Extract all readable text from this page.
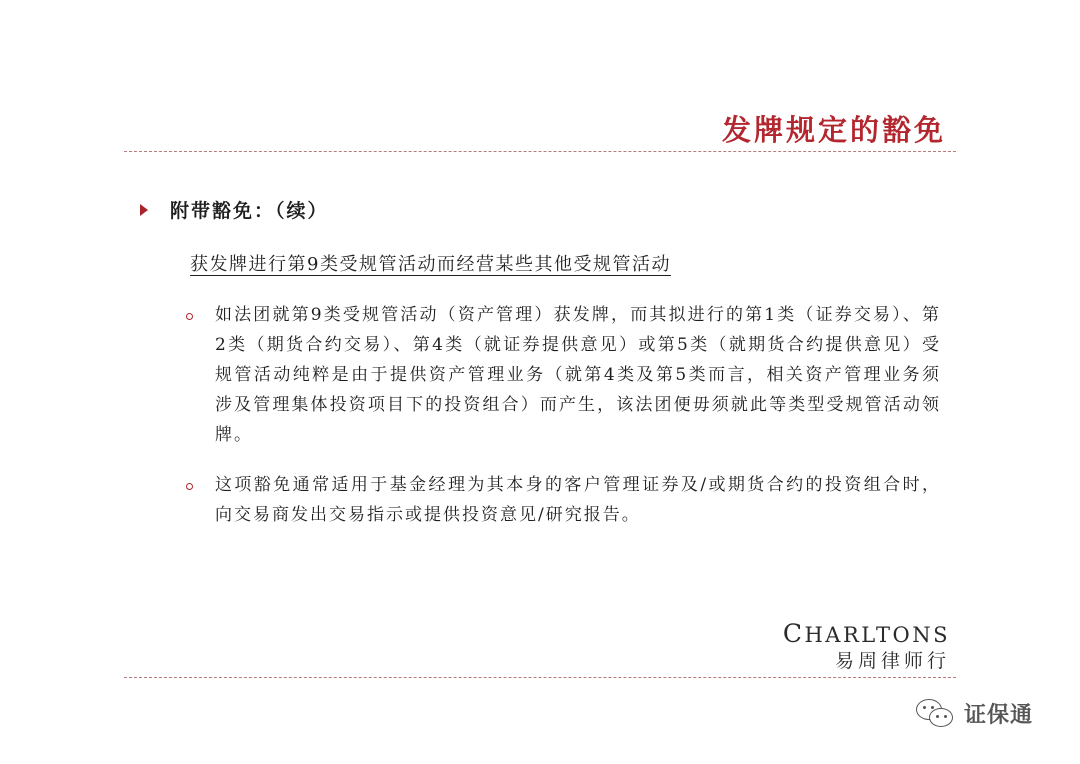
发牌规定的豁免
附带豁免：（续）
获发牌进行第9类受规管活动而经营某些其他受规管活动
如法团就第9类受规管活动（资产管理）获发牌，而其拟进行的第1类（证券交易）、第2类（期货合约交易）、第4类（就证券提供意见）或第5类（就期货合约提供意见）受规管活动纯粹是由于提供资产管理业务（就第4类及第5类而言，相关资产管理业务须涉及管理集体投资项目下的投资组合）而产生，该法团便毋须就此等类型受规管活动领牌。
这项豁免通常适用于基金经理为其本身的客户管理证券及/或期货合约的投资组合时，向交易商发出交易指示或提供投资意见/研究报告。
CHARLTONS
易周律师行
证保通
